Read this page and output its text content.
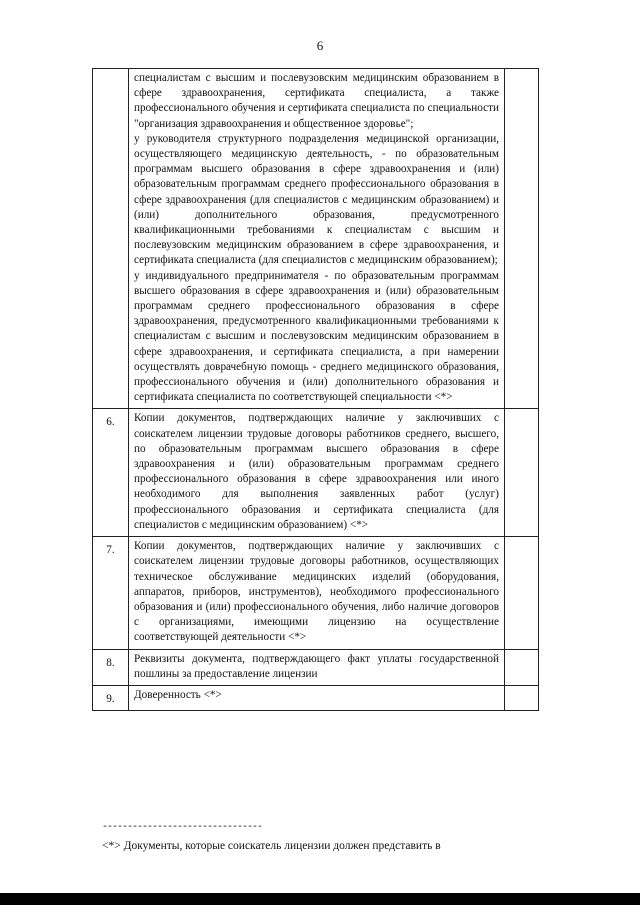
6

	специалистам с высшим и послевузовским медицинским образованием в сфере здравоохранения, сертификата специалиста, а также профессионального обучения и сертификата специалиста по специальности "организация здравоохранения и общественное здоровье";
у руководителя структурного подразделения медицинской организации, осуществляющего медицинскую деятельность, - по образовательным программам высшего образования в сфере здравоохранения и (или) образовательным программам среднего профессионального образования в сфере здравоохранения (для специалистов с медицинским образованием) и (или) дополнительного образования, предусмотренного квалификационными требованиями к специалистам с высшим и послевузовским медицинским образованием в сфере здравоохранения, и сертификата специалиста (для специалистов с медицинским образованием);
у индивидуального предпринимателя - по образовательным программам высшего образования в сфере здравоохранения и (или) образовательным программам среднего профессионального образования в сфере здравоохранения, предусмотренного квалификационными требованиями к специалистам с высшим и послевузовским медицинским образованием в сфере здравоохранения, и сертификата специалиста, а при намерении осуществлять доврачебную помощь - среднего медицинского образования, профессионального обучения и (или) дополнительного образования и сертификата специалиста по соответствующей специальности <*>	

6.	Копии документов, подтверждающих наличие у заключивших с соискателем лицензии трудовые договоры работников среднего, высшего, по образовательным программам высшего образования в сфере здравоохранения и (или) образовательным программам среднего профессионального образования в сфере здравоохранения или иного необходимого для выполнения заявленных работ (услуг) профессионального образования и сертификата специалиста (для специалистов с медицинским образованием) <*>	

7.	Копии документов, подтверждающих наличие у заключивших с соискателем лицензии трудовые договоры работников, осуществляющих техническое обслуживание медицинских изделий (оборудования, аппаратов, приборов, инструментов), необходимого профессионального образования и (или) профессионального обучения, либо наличие договоров с организациями, имеющими лицензию на осуществление соответствующей деятельности <*>	

8.	Реквизиты документа, подтверждающего факт уплаты государственной пошлины за предоставление лицензии	

9.	Доверенность <*>	

--------------------------------
<*> Документы, которые соискатель лицензии должен представить в
